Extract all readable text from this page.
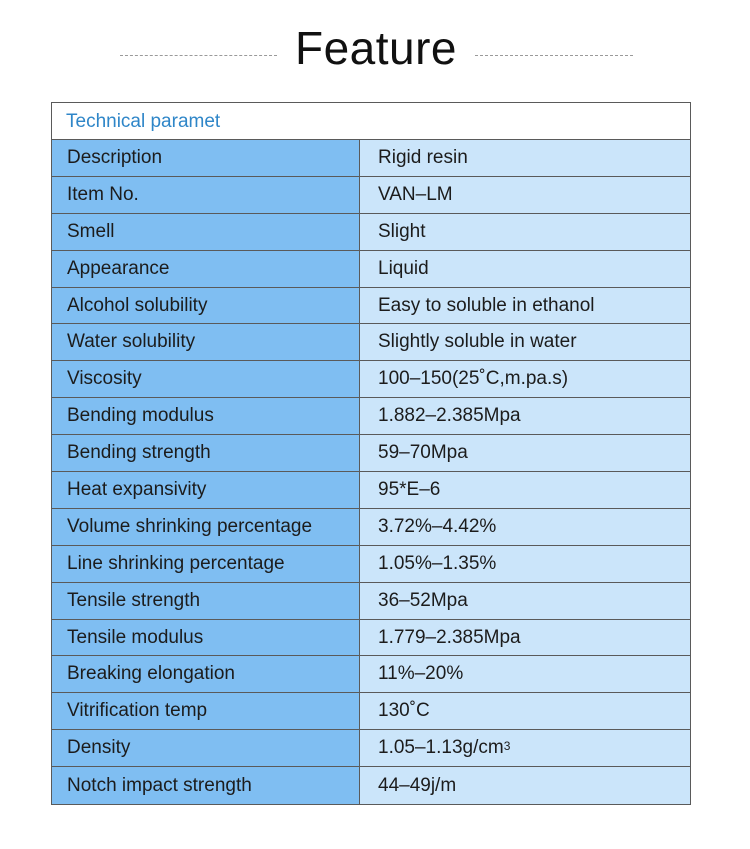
Feature
Technical paramet
Description	Rigid resin
Item No.	VAN–LM
Smell	Slight
Appearance	Liquid
Alcohol solubility	Easy to soluble in ethanol
Water solubility	Slightly soluble in water
Viscosity	100–150(25˚C,m.pa.s)
Bending modulus	1.882–2.385Mpa
Bending strength	59–70Mpa
Heat expansivity	95*E–6
Volume shrinking percentage	3.72%–4.42%
Line shrinking percentage	1.05%–1.35%
Tensile strength	36–52Mpa
Tensile modulus	1.779–2.385Mpa
Breaking elongation	11%–20%
Vitrification temp	130˚C
Density	$1.05-1.13g/cm^3$
Notch impact strength	44–49j/m
